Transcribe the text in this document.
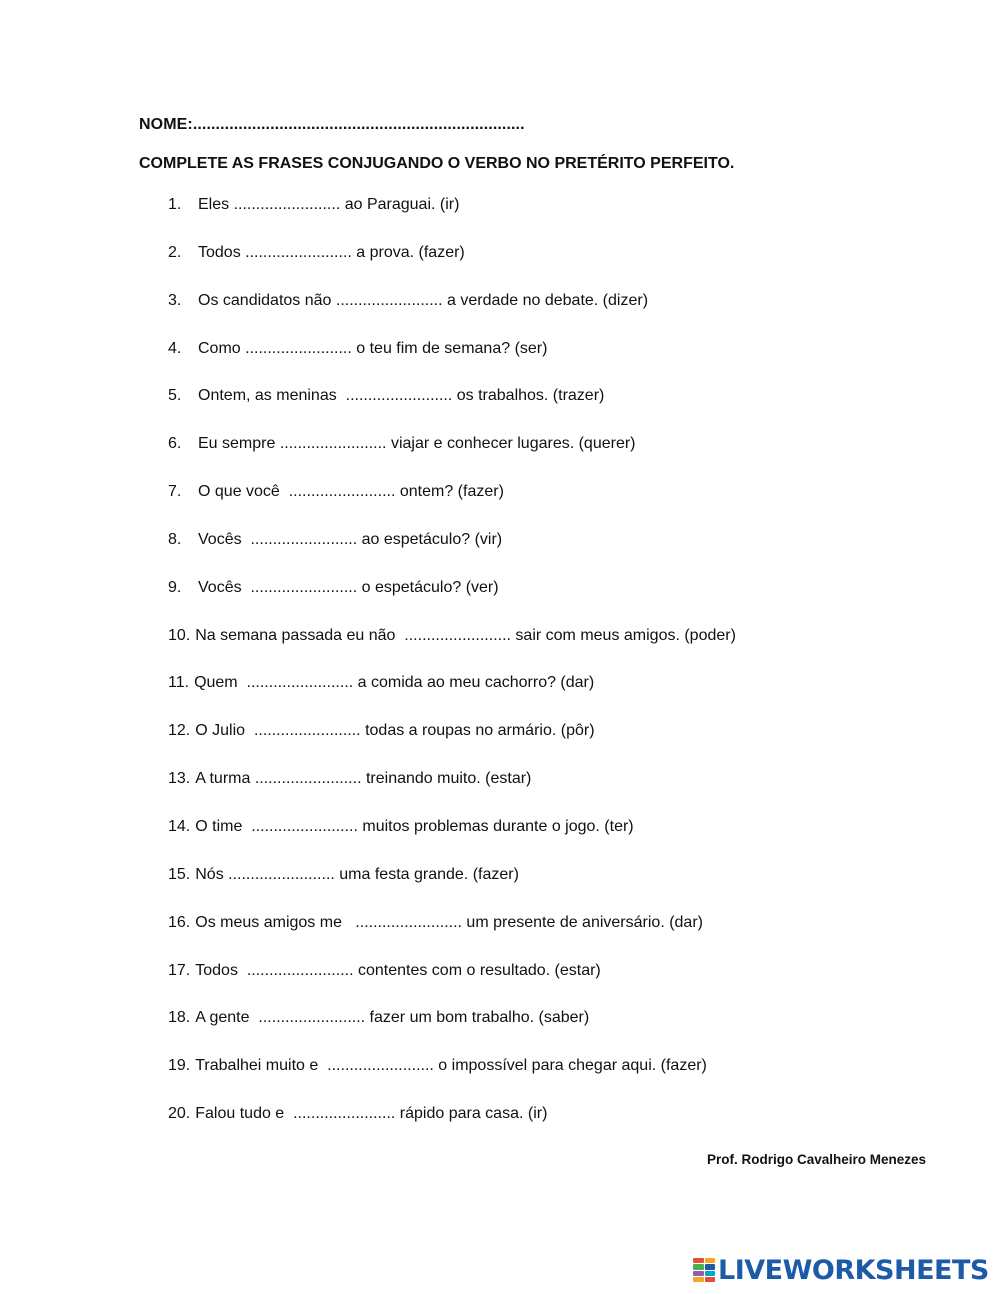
NOME:.........................................................................
COMPLETE AS FRASES CONJUGANDO O VERBO NO PRETÉRITO PERFEITO.
1.	Eles ........................ ao Paraguai. (ir)
2.	Todos ........................ a prova. (fazer)
3.	Os candidatos não ........................ a verdade no debate. (dizer)
4.	Como ........................ o teu fim de semana? (ser)
5.	Ontem, as meninas  ........................ os trabalhos. (trazer)
6.	Eu sempre ........................ viajar e conhecer lugares. (querer)
7.	O que você  ........................ ontem? (fazer)
8.	Vocês  ........................ ao espetáculo? (vir)
9.	Vocês  ........................ o espetáculo? (ver)
10. Na semana passada eu não  ........................ sair com meus amigos. (poder)
11. Quem  ........................ a comida ao meu cachorro? (dar)
12. O Julio  ........................ todas a roupas no armário. (pôr)
13. A turma ........................ treinando muito. (estar)
14. O time  ........................ muitos problemas durante o jogo. (ter)
15. Nós ........................ uma festa grande. (fazer)
16. Os meus amigos me   ........................ um presente de aniversário. (dar)
17. Todos  ........................ contentes com o resultado. (estar)
18. A gente  ........................ fazer um bom trabalho. (saber)
19. Trabalhei muito e  ........................ o impossível para chegar aqui. (fazer)
20. Falou tudo e  ....................... rápido para casa. (ir)
Prof. Rodrigo Cavalheiro Menezes
LIVEWORKSHEETS
